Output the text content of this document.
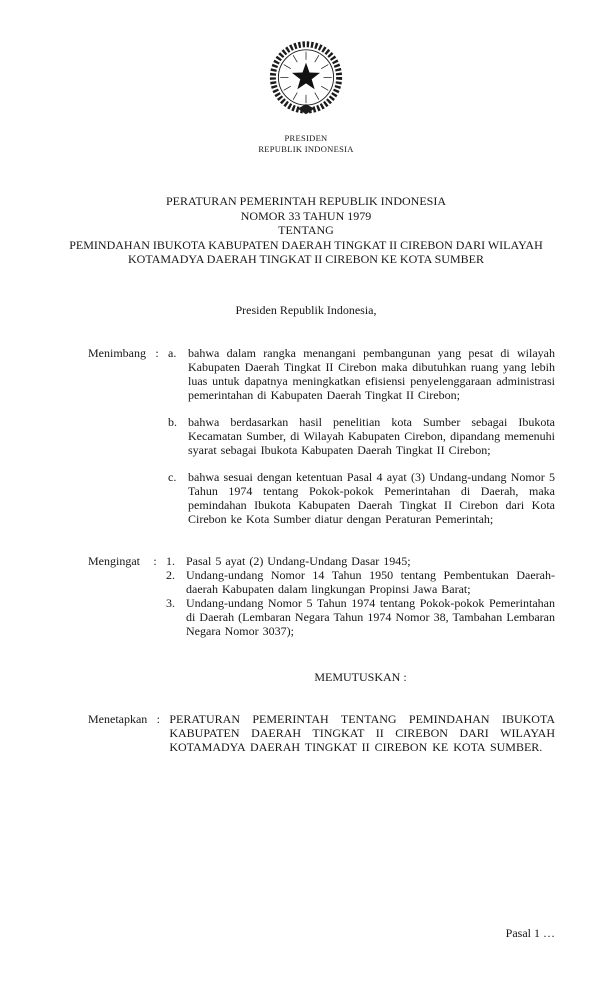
PRESIDEN
REPUBLIK INDONESIA
PERATURAN PEMERINTAH REPUBLIK INDONESIA
NOMOR 33 TAHUN 1979
TENTANG
PEMINDAHAN IBUKOTA KABUPATEN DAERAH TINGKAT II CIREBON DARI WILAYAH KOTAMADYA DAERAH TINGKAT II CIREBON KE KOTA SUMBER
Presiden Republik Indonesia,
Menimbang : a. bahwa dalam rangka menangani pembangunan yang pesat di wilayah Kabupaten Daerah Tingkat II Cirebon maka dibutuhkan ruang yang lebih luas untuk dapatnya meningkatkan efisiensi penyelenggaraan administrasi pemerintahan di Kabupaten Daerah Tingkat II Cirebon;
b. bahwa berdasarkan hasil penelitian kota Sumber sebagai Ibukota Kecamatan Sumber, di Wilayah Kabupaten Cirebon, dipandang memenuhi syarat sebagai Ibukota Kabupaten Daerah Tingkat II Cirebon;
c. bahwa sesuai dengan ketentuan Pasal 4 ayat (3) Undang-undang Nomor 5 Tahun 1974 tentang Pokok-pokok Pemerintahan di Daerah, maka pemindahan Ibukota Kabupaten Daerah Tingkat II Cirebon dari Kota Cirebon ke Kota Sumber diatur dengan Peraturan Pemerintah;
Mengingat	: 1. Pasal 5 ayat (2) Undang-Undang Dasar 1945;
2. Undang-undang Nomor 14 Tahun 1950 tentang Pembentukan Daerah-daerah Kabupaten dalam lingkungan Propinsi Jawa Barat;
3. Undang-undang Nomor 5 Tahun 1974 tentang Pokok-pokok Pemerintahan di Daerah (Lembaran Negara Tahun 1974 Nomor 38, Tambahan Lembaran Negara Nomor 3037);
MEMUTUSKAN :
Menetapkan : PERATURAN PEMERINTAH TENTANG PEMINDAHAN IBUKOTA KABUPATEN DAERAH TINGKAT II CIREBON DARI WILAYAH KOTAMADYA DAERAH TINGKAT II CIREBON KE KOTA SUMBER.
Pasal 1 …
